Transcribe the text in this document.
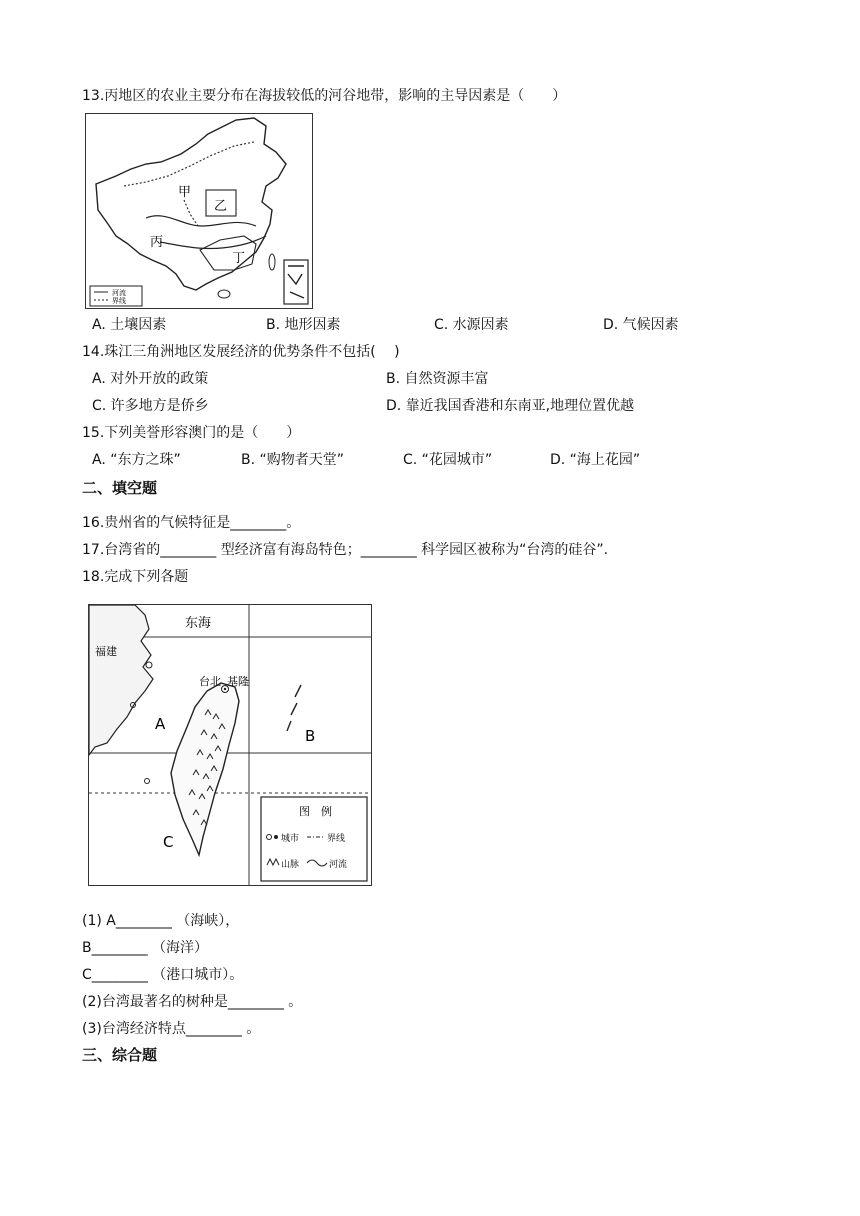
13.丙地区的农业主要分布在海拔较低的河谷地带，影响的主导因素是（　　）
河流
界线
甲
乙
丙
丁
A. 土壤因素	B. 地形因素	C. 水源因素	D. 气候因素
14.珠江三角洲地区发展经济的优势条件不包括(　 )
A. 对外开放的政策	B. 自然资源丰富
C. 许多地方是侨乡	D. 靠近我国香港和东南亚,地理位置优越
15.下列美誉形容澳门的是（　　）
A. “东方之珠”	B. “购物者天堂”	C. “花园城市”	D. “海上花园”
二、填空题
16.贵州省的气候特征是________。
17.台湾省的________ 型经济富有海岛特色；________ 科学园区被称为“台湾的硅谷”.
18.完成下列各题
图　例
城市	界线
山脉	河流
东海
福建
台北 基隆
A
B
C
(1) A________ （海峡），
B________ （海洋）
C________ （港口城市）。
(2)台湾最著名的树种是________ 。
(3)台湾经济特点________ 。
三、综合题
